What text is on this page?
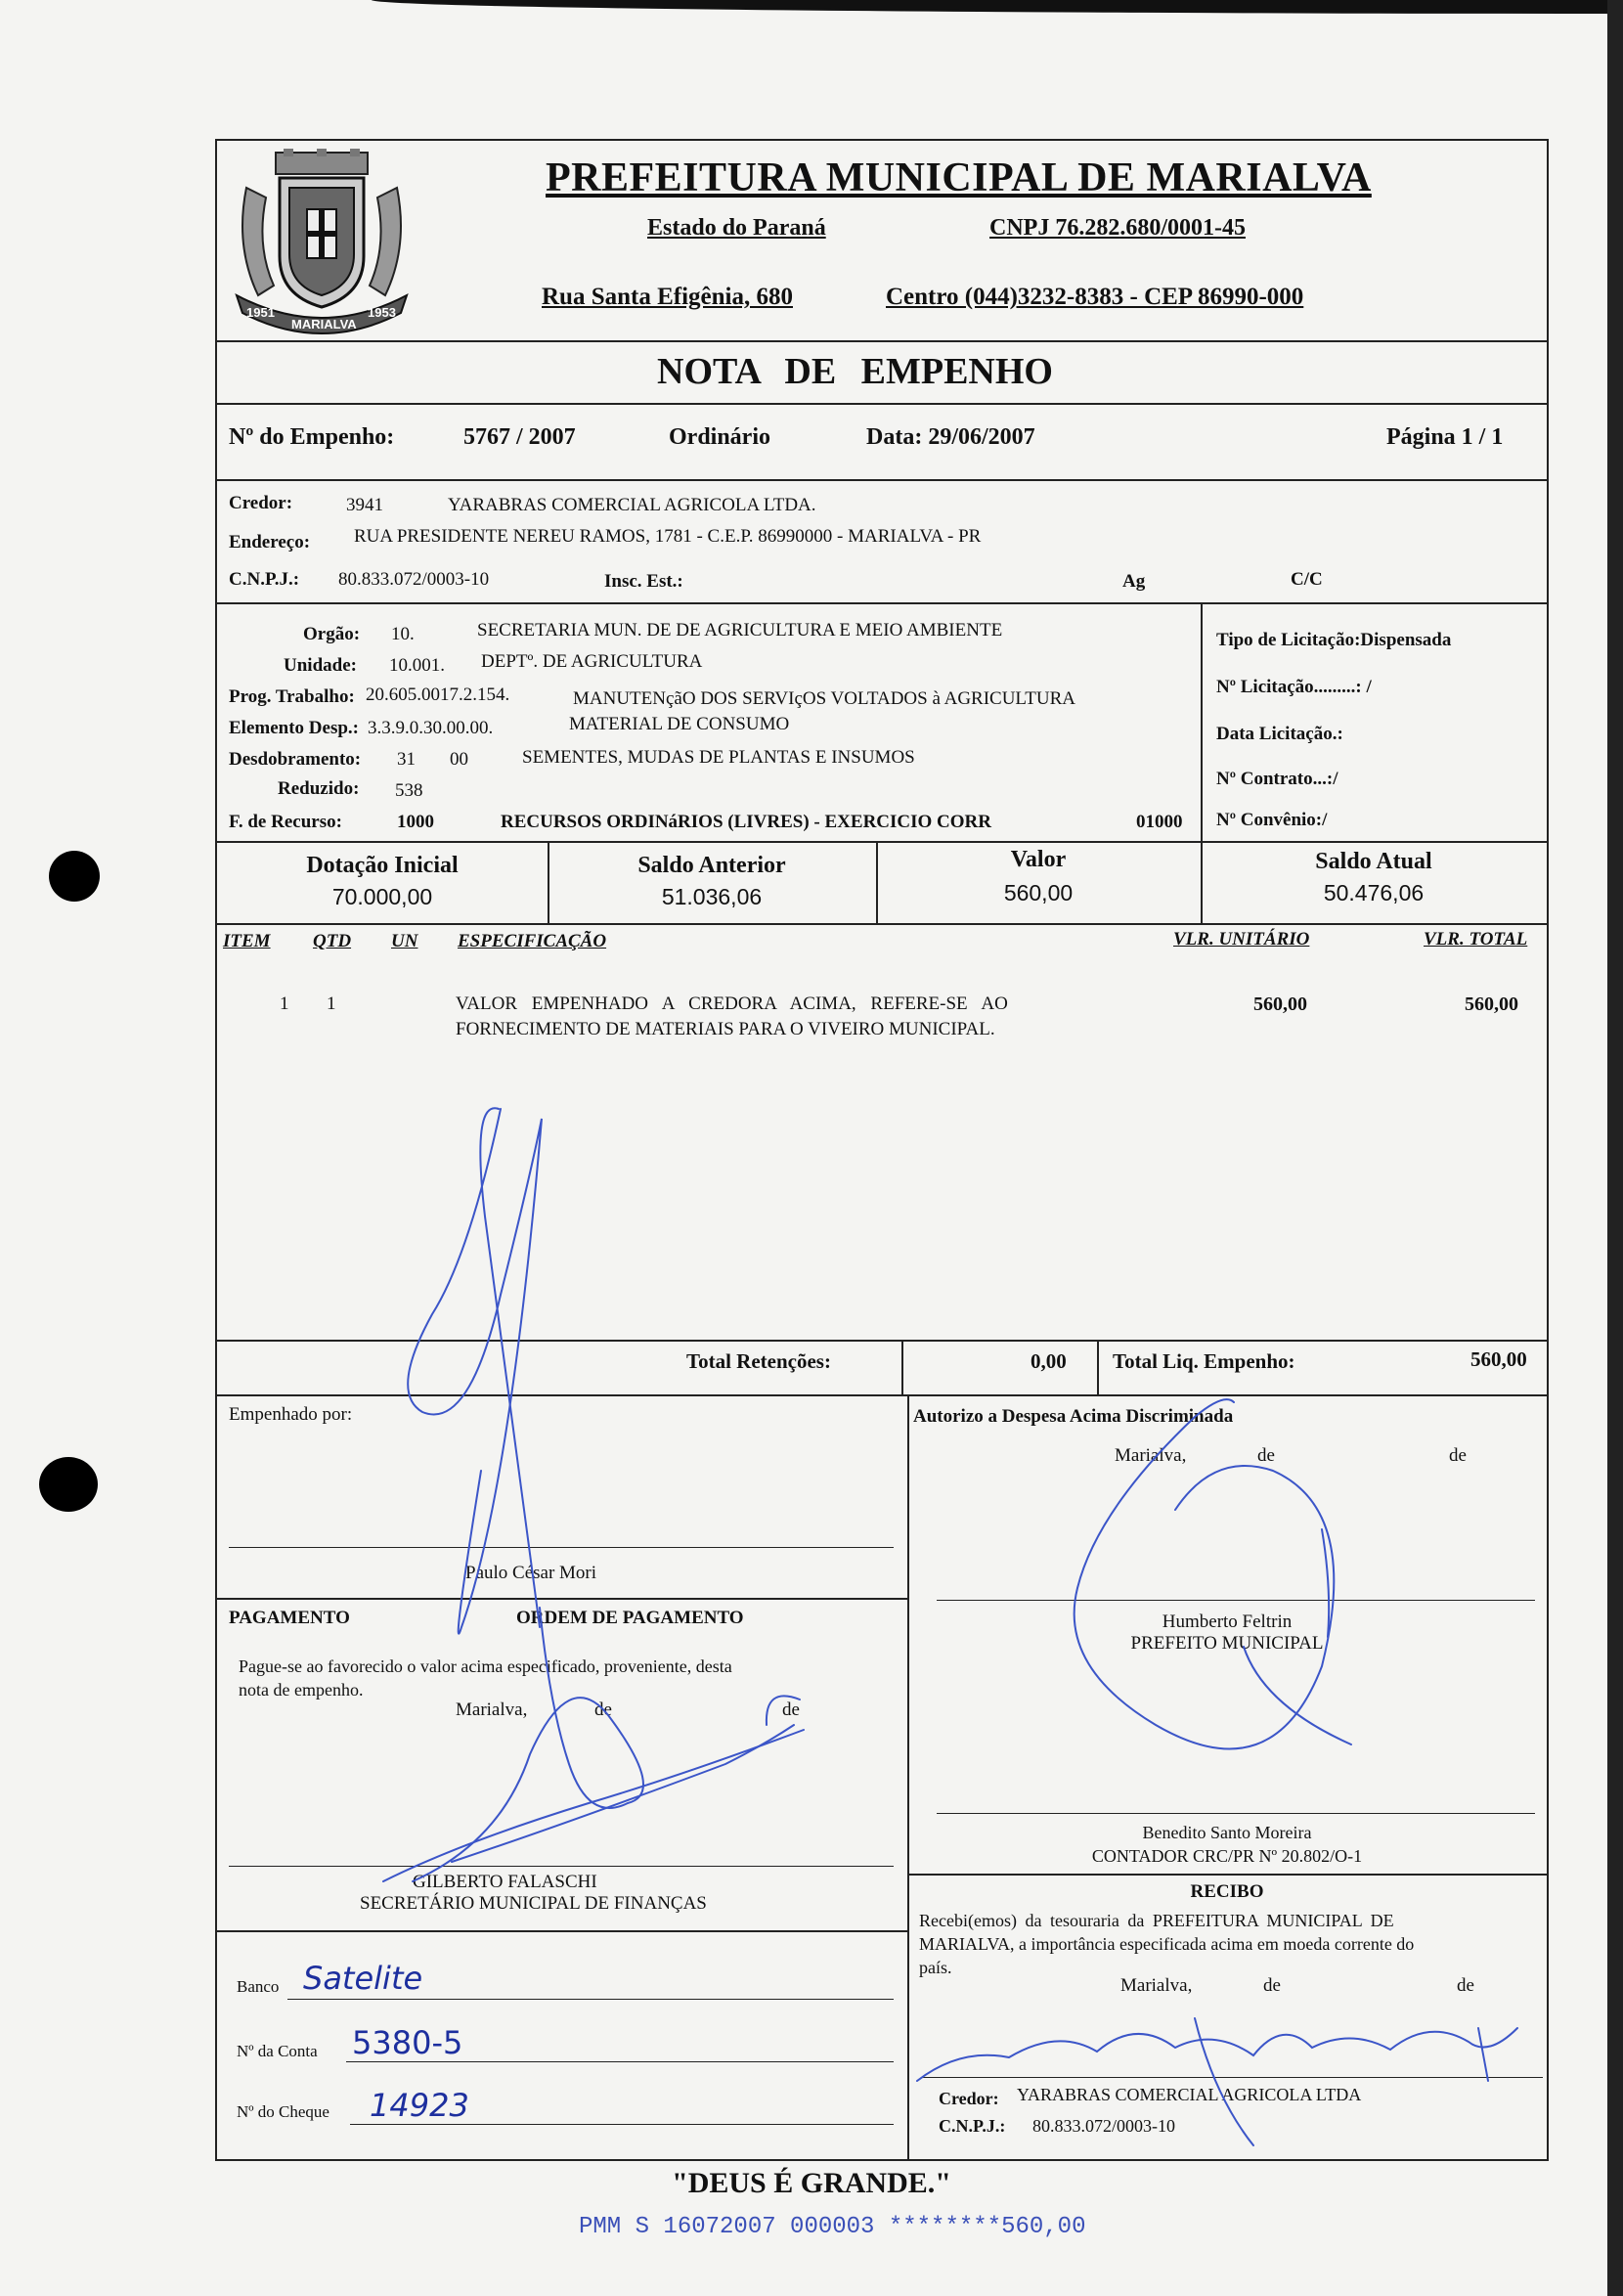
1951
MARIALVA
1953
PREFEITURA MUNICIPAL DE MARIALVA
Estado do Paraná	CNPJ 76.282.680/0001-45
Rua Santa Efigênia, 680	Centro (044)3232-8383 - CEP 86990-000
NOTA DE EMPENHO
Nº do Empenho:	5767 / 2007	Ordinário	Data: 29/06/2007	Página 1 / 1
Credor:	3941	YARABRAS COMERCIAL AGRICOLA LTDA.
Endereço: RUA PRESIDENTE NEREU RAMOS, 1781 - C.E.P. 86990000 - MARIALVA - PR
C.N.P.J.: 80.833.072/0003-10	Insc. Est.:	Ag	C/C
Orgão: 10.	SECRETARIA MUN. DE DE AGRICULTURA E MEIO AMBIENTE
Unidade: 10.001. DEPTº. DE AGRICULTURA
Prog. Trabalho: 20.605.0017.2.154.	MANUTENçãO DOS SERVIçOS VOLTADOS à AGRICULTURA
Elemento Desp.: 3.3.9.0.30.00.00.	MATERIAL DE CONSUMO
Desdobramento: 31 00	SEMENTES, MUDAS DE PLANTAS E INSUMOS
Reduzido: 538
F. de Recurso:	1000	RECURSOS ORDINáRIOS (LIVRES) - EXERCICIO CORR	01000
Tipo de Licitação:Dispensada
Nº Licitação.........: /
Data Licitação.:
Nº Contrato...:/
Nº Convênio:/
Dotação Inicial
70.000,00
Saldo Anterior
51.036,06
Valor
560,00
Saldo Atual
50.476,06
ITEM QTD UN ESPECIFICAÇÃO	VLR. UNITÁRIO	VLR. TOTAL
1 1	VALOR EMPENHADO A CREDORA ACIMA, REFERE-SE AO
FORNECIMENTO DE MATERIAIS PARA O VIVEIRO MUNICIPAL.
560,00	560,00
Total Retenções:	0,00 Total Liq. Empenho:	560,00
Empenhado por:
Paulo César Mori
Autorizo a Despesa Acima Discriminada
Marialva,	de	de
Humberto Feltrin
PREFEITO MUNICIPAL
Benedito Santo Moreira
CONTADOR CRC/PR Nº 20.802/O-1
PAGAMENTO	ORDEM DE PAGAMENTO
Pague-se ao favorecido o valor acima especificado, proveniente, desta
nota de empenho.
Marialva,	de	de
GILBERTO FALASCHI
SECRETÁRIO MUNICIPAL DE FINANÇAS
Banco Satelite
Nº da Conta 5380-5
Nº do Cheque 14923
RECIBO
Recebi(emos) da tesouraria da PREFEITURA MUNICIPAL DE
MARIALVA, a importância especificada acima em moeda corrente do
país.
Marialva,	de	de
Credor: YARABRAS COMERCIAL AGRICOLA LTDA
C.N.P.J.: 80.833.072/0003-10
"DEUS É GRANDE."
PMM S 16072007 000003 ********560,00
